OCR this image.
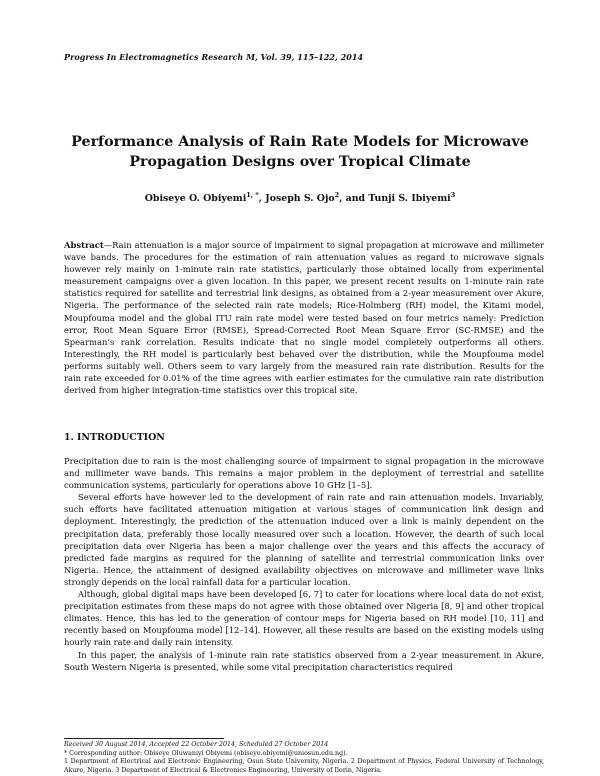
Progress In Electromagnetics Research M, Vol. 39, 115–122, 2014
Performance Analysis of Rain Rate Models for Microwave Propagation Designs over Tropical Climate
Obiseye O. Obiyemi$^{1, *}$, Joseph S. Ojo$^2$, and Tunji S. Ibiyemi$^3$
Abstract—Rain attenuation is a major source of impairment to signal propagation at microwave and millimeter wave bands. The procedures for the estimation of rain attenuation values as regard to microwave signals however rely mainly on 1-minute rain rate statistics, particularly those obtained locally from experimental measurement campaigns over a given location. In this paper, we present recent results on 1-minute rain rate statistics required for satellite and terrestrial link designs, as obtained from a 2-year measurement over Akure, Nigeria. The performance of the selected rain rate models; Rice-Holmberg (RH) model, the Kitami model, Moupfouma model and the global ITU rain rate model were tested based on four metrics namely: Prediction error, Root Mean Square Error (RMSE), Spread-Corrected Root Mean Square Error (SC-RMSE) and the Spearman’s rank correlation. Results indicate that no single model completely outperforms all others. Interestingly, the RH model is particularly best behaved over the distribution, while the Moupfouma model performs suitably well. Others seem to vary largely from the measured rain rate distribution. Results for the rain rate exceeded for 0.01% of the time agrees with earlier estimates for the cumulative rain rate distribution derived from higher integration-time statistics over this tropical site.
1. INTRODUCTION

Precipitation due to rain is the most challenging source of impairment to signal propagation in the microwave and millimeter wave bands. This remains a major problem in the deployment of terrestrial and satellite communication systems, particularly for operations above 10 GHz [1–5].

Several efforts have however led to the development of rain rate and rain attenuation models. Invariably, such efforts have facilitated attenuation mitigation at various stages of communication link design and deployment. Interestingly, the prediction of the attenuation induced over a link is mainly dependent on the precipitation data, preferably those locally measured over such a location. However, the dearth of such local precipitation data over Nigeria has been a major challenge over the years and this affects the accuracy of predicted fade margins as required for the planning of satellite and terrestrial communication links over Nigeria. Hence, the attainment of designed availability objectives on microwave and millimeter wave links strongly depends on the local rainfall data for a particular location.

Although, global digital maps have been developed [6, 7] to cater for locations where local data do not exist, precipitation estimates from these maps do not agree with those obtained over Nigeria [8, 9] and other tropical climates. Hence, this has led to the generation of contour maps for Nigeria based on RH model [10, 11] and recently based on Moupfouma model [12–14]. However, all these results are based on the existing models using hourly rain rate and daily rain intensity.

In this paper, the analysis of 1-minute rain rate statistics observed from a 2-year measurement in Akure, South Western Nigeria is presented, while some vital precipitation characteristics required

Received 30 August 2014, Accepted 22 October 2014, Scheduled 27 October 2014

* Corresponding author: Obiseye Oluwaniyi Obiyemi (obiseye.obiyemi@uniosun.edu.ng).

1 Department of Electrical and Electronic Engineering, Osun State University, Nigeria. 2 Department of Physics, Federal University of Technology, Akure, Nigeria. 3 Department of Electrical & Electronics Engineering, University of Ilorin, Nigeria.
